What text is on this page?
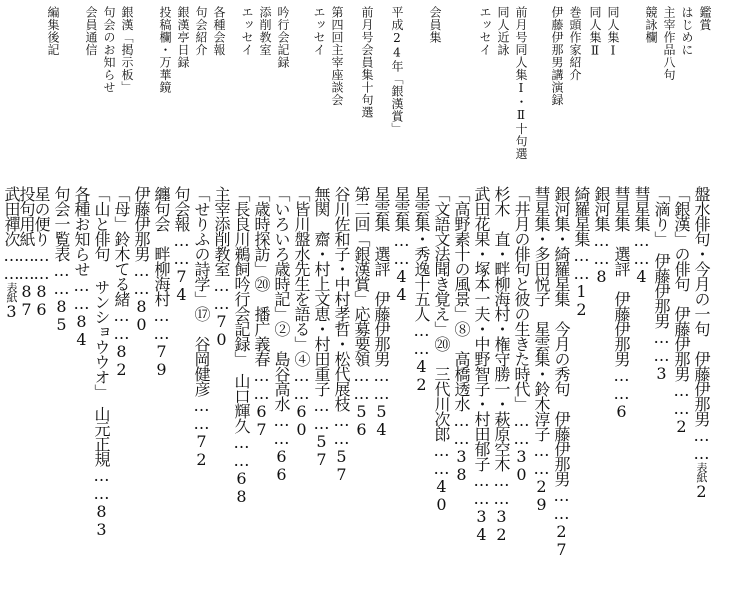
鑑賞
はじめに
主宰作品八句
競詠欄
同人集Ⅰ
同人集Ⅱ
巻頭作家紹介
伊藤伊那男講演録
前月号同人集Ⅰ・Ⅱ十句選
同人近詠
エッセイ
会員集
平成24年「銀漢賞」
前月号会員集十句選
第四回主宰座談会
エッセイ
吟行会記録
添削教室
エッセイ
各種会報
句会紹介
銀漢亭日録
投稿欄・万華鏡
銀漢「掲示板」
句会のお知らせ
会員通信
編集後記
盤水俳句・今月の一句　伊藤伊那男……表紙2
「銀漢」の俳句　伊藤伊那男……2
「滴り」　伊藤伊那男……3
彗星集……4
彗星集　選評　伊藤伊那男……6
銀河集……8
綺羅星集……12
銀河集・綺羅星集　今月の秀句　伊藤伊那男……27
彗星集・多田悦子　星雲集・鈴木淳子……29
「井月の俳句と彼の生きた時代」……30
杉木　直・畔柳海村・権守勝一・萩原空木……32
武田花果・塚本一夫・中野智子・村田郁子……34
「高野素十の風景」⑧　高橋透水……38
「文語文法聞き覚え」⑳　三代川次郎……40
星雲集・秀逸十五人……42
星雲集……44
星雲集　選評　伊藤伊那男……54
第二回「銀漢賞」応募要領……56
谷川佐和子・中村孝哲・松代展枝……57
無関　齋・村上文恵・村田重子……57
「皆川盤水先生を語る」④……60
「いろいろ歳時記」②　島谷高水……66
「歳時探訪」⑳　播广義春……67
「長良川鵜飼吟行会記録」　山口輝久……68
主宰添削教室……70
「せりふの詩学」⑰　谷岡健彦……72
句会報……74
纏句会　畔柳海村……79
伊藤伊那男……80
「母」鈴木てる緒……82
「山と俳句 サンショウウオ」　山元正規……83
各種お知らせ……84
句会一覧表……85
星の便り……86
投句用紙……87
武田禪次……表紙3
